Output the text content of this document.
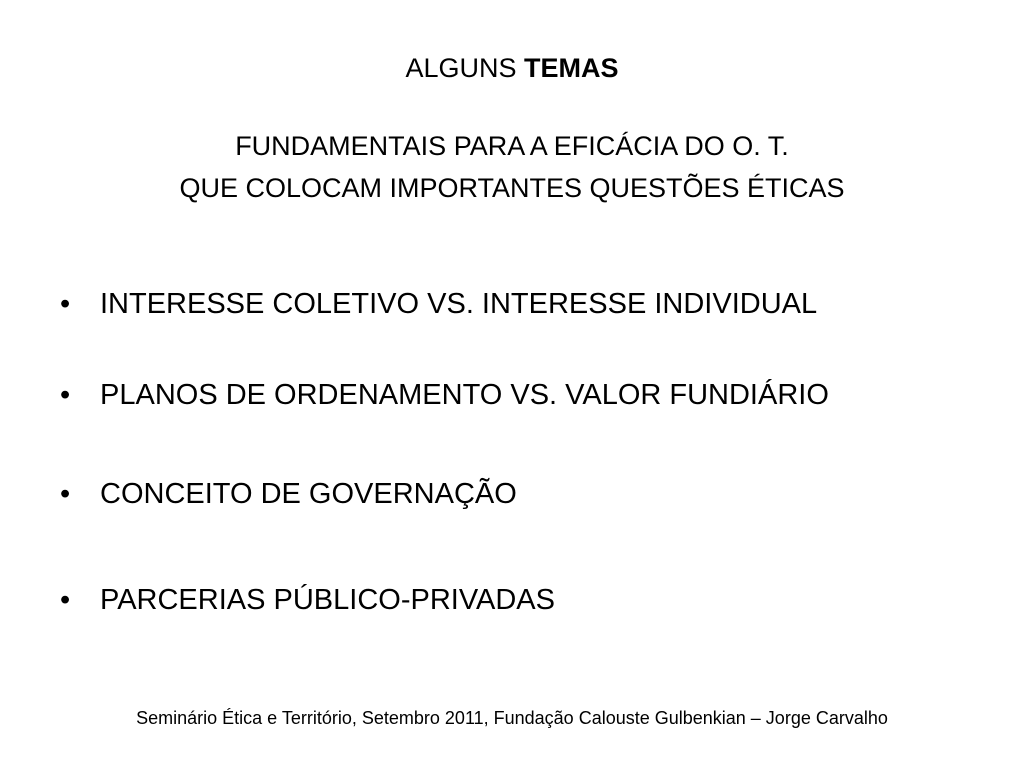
ALGUNS TEMAS
FUNDAMENTAIS PARA A EFICÁCIA DO O. T.
QUE COLOCAM IMPORTANTES QUESTÕES ÉTICAS
• INTERESSE COLETIVO VS. INTERESSE INDIVIDUAL
• PLANOS DE ORDENAMENTO VS. VALOR FUNDIÁRIO
• CONCEITO DE GOVERNAÇÃO
• PARCERIAS PÚBLICO-PRIVADAS
Seminário Ética e Território, Setembro 2011, Fundação Calouste Gulbenkian – Jorge Carvalho
